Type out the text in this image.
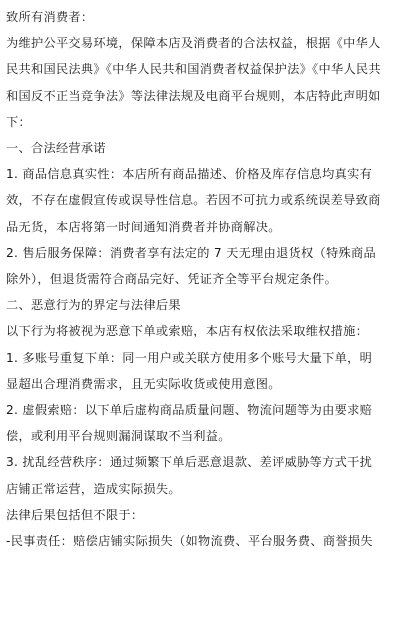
致所有消费者：
为维护公平交易环境，保障本店及消费者的合法权益，根据《中华人
民共和国民法典》《中华人民共和国消费者权益保护法》《中华人民共
和国反不正当竞争法》等法律法规及电商平台规则，本店特此声明如
下：
一、合法经营承诺
1. 商品信息真实性：本店所有商品描述、价格及库存信息均真实有
效，不存在虚假宣传或误导性信息。若因不可抗力或系统误差导致商
品无货，本店将第一时间通知消费者并协商解决。
2. 售后服务保障：消费者享有法定的 7 天无理由退货权（特殊商品
除外），但退货需符合商品完好、凭证齐全等平台规定条件。
二、恶意行为的界定与法律后果
以下行为将被视为恶意下单或索赔，本店有权依法采取维权措施：
1. 多账号重复下单：同一用户或关联方使用多个账号大量下单，明
显超出合理消费需求，且无实际收货或使用意图。
2. 虚假索赔：以下单后虚构商品质量问题、物流问题等为由要求赔
偿，或利用平台规则漏洞谋取不当利益。
3. 扰乱经营秩序：通过频繁下单后恶意退款、差评威胁等方式干扰
店铺正常运营，造成实际损失。
法律后果包括但不限于：
-民事责任：赔偿店铺实际损失（如物流费、平台服务费、商誉损失
